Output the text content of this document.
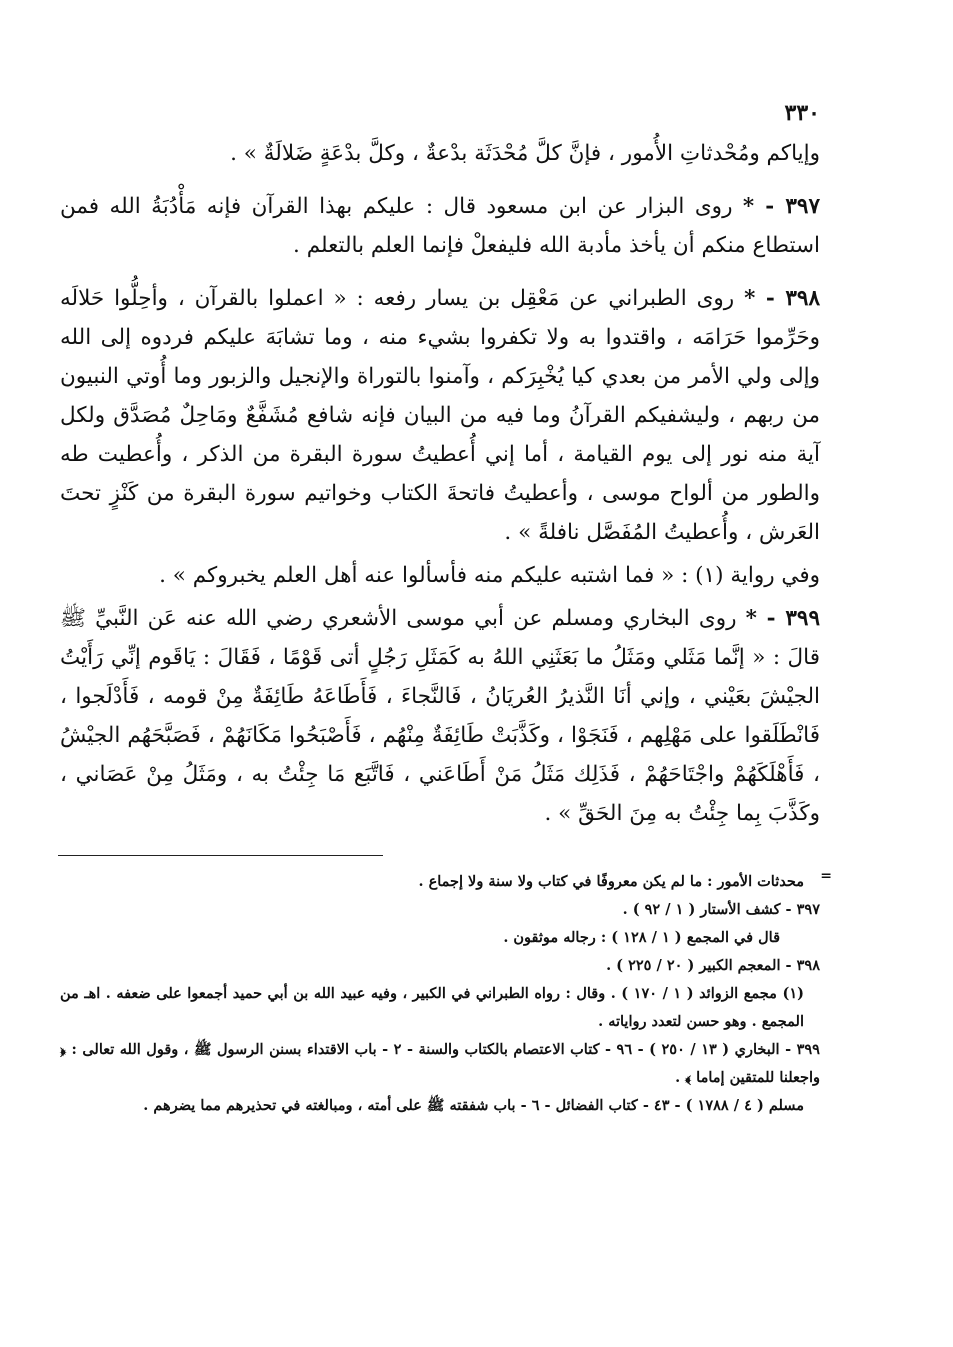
٣٣٠

وإياكم ومُحْدثاتِ الأُمور ، فإنَّ كلَّ مُحْدَثَة بدْعةٌ ، وكلَّ بدْعَةٍ ضَلالَةٌ » .

٣٩٧ - * روى البزار عن ابن مسعود قال : عليكم بهذا القرآن فإنه مَأْدُبَةُ الله فمن استطاع منكم أن يأخذ مأدبة الله فليفعلْ فإنما العلم بالتعلم .

٣٩٨ - * روى الطبراني عن مَعْقِل بن يسار رفعه : « اعملوا بالقرآن ، وأحِلُّوا حَلالَه وحَرِّموا حَرَامَه ، واقتدوا به ولا تكفروا بشيء منه ، وما تشابَهَ عليكم فردوه إلى الله وإلى ولي الأمر من بعدي كيا يُخْبِرَكم ، وآمنوا بالتوراة والإنجيل والزبور وما أُوتي النبيون من ربهم ، وليشفيكم القرآنُ وما فيه من البيان فإنه شافع مُشَفَّعٌ ومَاحِلٌ مُصَدَّق ولكل آية منه نور إلى يوم القيامة ، أما إني أُعطيتُ سورة البقرة من الذكر ، وأُعطيت طه والطور من ألواح موسى ، وأعطيتُ فاتحةَ الكتاب وخواتيم سورة البقرة من كَنْزٍ تحتَ العَرش ، وأُعطيتُ المُفَصَّل نافلةً » .

وفي رواية (١) : « فما اشتبه عليكم منه فأسألوا عنه أهل العلم يخبروكم » .

٣٩٩ - * روى البخاري ومسلم عن أبي موسى الأشعري رضي الله عنه عَن النَّبيِّ ﷺ قالَ : « إنَّما مَثَلي ومَثَلُ ما بَعَثَنِي اللهُ به كَمَثَلِ رَجُلٍ أتى قَوْمًا ، فَقَالَ : يَاقَوم إنِّي رَأَيْتُ الجيْشَ بعَيْني ، وإني أنَا النَّذيرُ العُريَانُ ، فَالنَّجاءَ ، فَأَطَاعَهُ طَائِفَةٌ مِنْ قومه ، فَأَدْلَجوا ، فَانْطَلَقوا على مَهْلِهم ، فَنَجَوْا ، وكَذَّبَتْ طَائِفَةٌ مِنْهُم ، فَأَصْبَحُوا مَكَانَهُمْ ، فَصَبَّحَهُم الجيْشُ ، فَأَهْلَكَهُمْ واجْتَاحَهُمْ ، فَذَلِك مَثَلُ مَنْ أَطَاعَني ، فَاتَّبَع مَا جِئْتُ به ، ومَثَلُ مِنْ عَصَاني ، وكَذَّبَ بِما جِئْتُ به مِنَ الحَقِّ » .

=

محدثات الأمور : ما لم يكن معروفًا في كتاب ولا سنة ولا إجماع .

٣٩٧ - كشف الأستار ( ١ / ٩٢ ) .

قال في المجمع ( ١ / ١٢٨ ) : رجاله موثقون .

٣٩٨ - المعجم الكبير ( ٢٠ / ٢٢٥ ) .

(١) مجمع الزوائد ( ١ / ١٧٠ ) . وقال : رواه الطبراني في الكبير ، وفيه عبيد الله بن أبي حميد أجمعوا على ضعفه . اهـ من المجمع . وهو حسن لتعدد رواياته .

٣٩٩ - البخاري ( ١٣ / ٢٥٠ ) - ٩٦ - كتاب الاعتصام بالكتاب والسنة - ٢ - باب الاقتداء بسنن الرسول ﷺ ، وقول الله تعالى : ﴿ واجعلنا للمتقين إماما ﴾ .

مسلم ( ٤ / ١٧٨٨ ) - ٤٣ - كتاب الفضائل - ٦ - باب شفقته ﷺ على أمته ، ومبالغته في تحذيرهم مما يضرهم .
